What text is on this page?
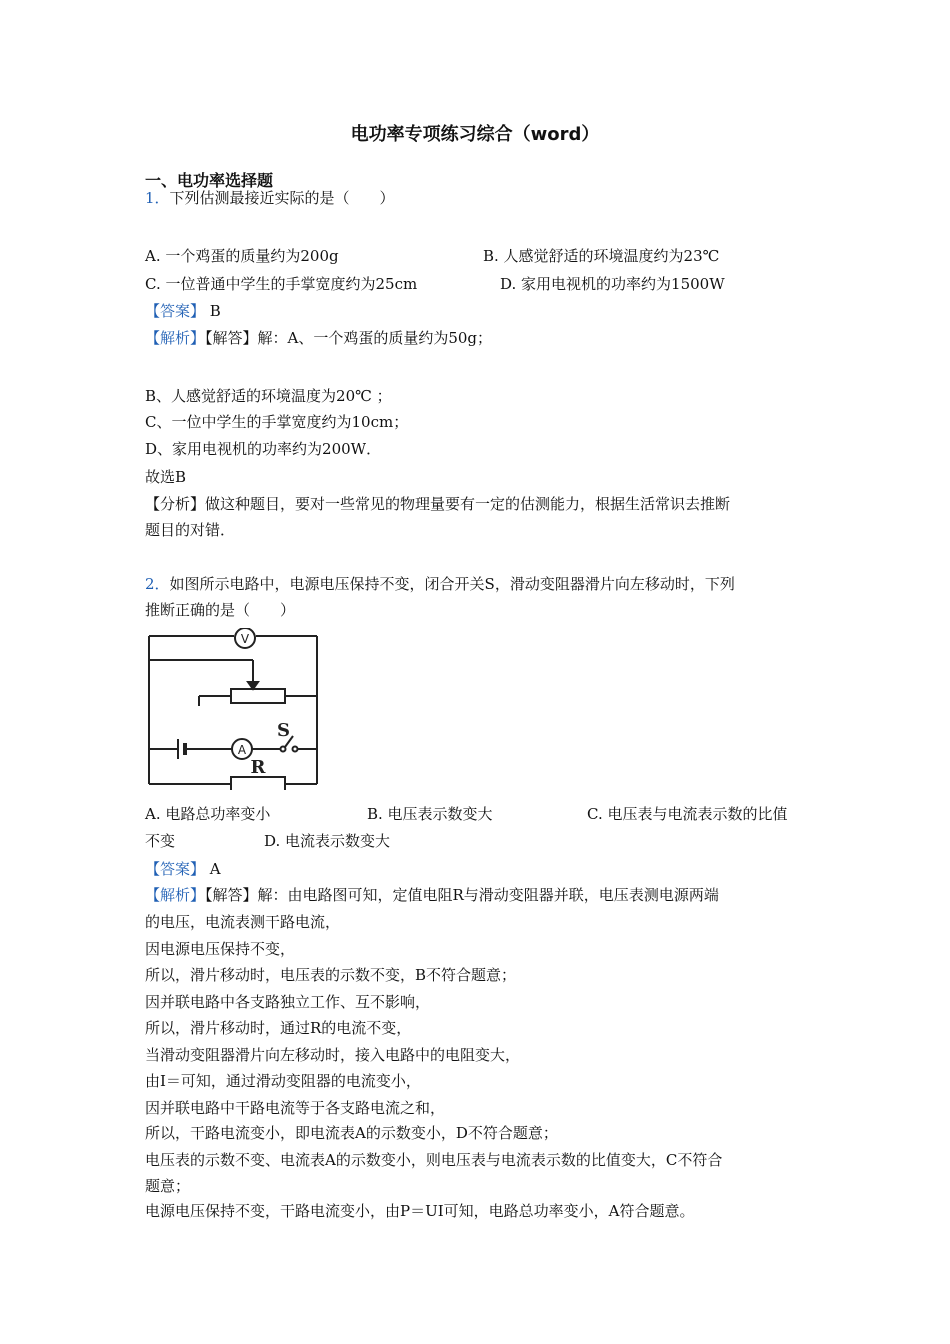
电功率专项练习综合（word）
一、电功率选择题
1．下列估测最接近实际的是（　　）
A. 一个鸡蛋的质量约为200g	B. 人感觉舒适的环境温度约为23℃
C. 一位普通中学生的手掌宽度约为25cm	D. 家用电视机的功率约为1500W
【答案】 B
【解析】【解答】解：A、一个鸡蛋的质量约为50g；
B、人感觉舒适的环境温度为20℃ ；
C、一位中学生的手掌宽度约为10cm；
D、家用电视机的功率约为200W．
故选B
【分析】做这种题目，要对一些常见的物理量要有一定的估测能力，根据生活常识去推断
题目的对错．
2．如图所示电路中，电源电压保持不变，闭合开关S，滑动变阻器滑片向左移动时，下列
推断正确的是（　　）
V
A
S
R
A. 电路总功率变小	B. 电压表示数变大	C. 电压表与电流表示数的比值
不变	D. 电流表示数变大
【答案】 A
【解析】【解答】解：由电路图可知，定值电阻R与滑动变阻器并联，电压表测电源两端
的电压，电流表测干路电流，
因电源电压保持不变，
所以，滑片移动时，电压表的示数不变，B不符合题意；
因并联电路中各支路独立工作、互不影响，
所以，滑片移动时，通过R的电流不变，
当滑动变阻器滑片向左移动时，接入电路中的电阻变大，
由I＝可知，通过滑动变阻器的电流变小，
因并联电路中干路电流等于各支路电流之和，
所以，干路电流变小，即电流表A的示数变小，D不符合题意；
电压表的示数不变、电流表A的示数变小，则电压表与电流表示数的比值变大，C不符合
题意；
电源电压保持不变，干路电流变小，由P＝UI可知，电路总功率变小，A符合题意。
